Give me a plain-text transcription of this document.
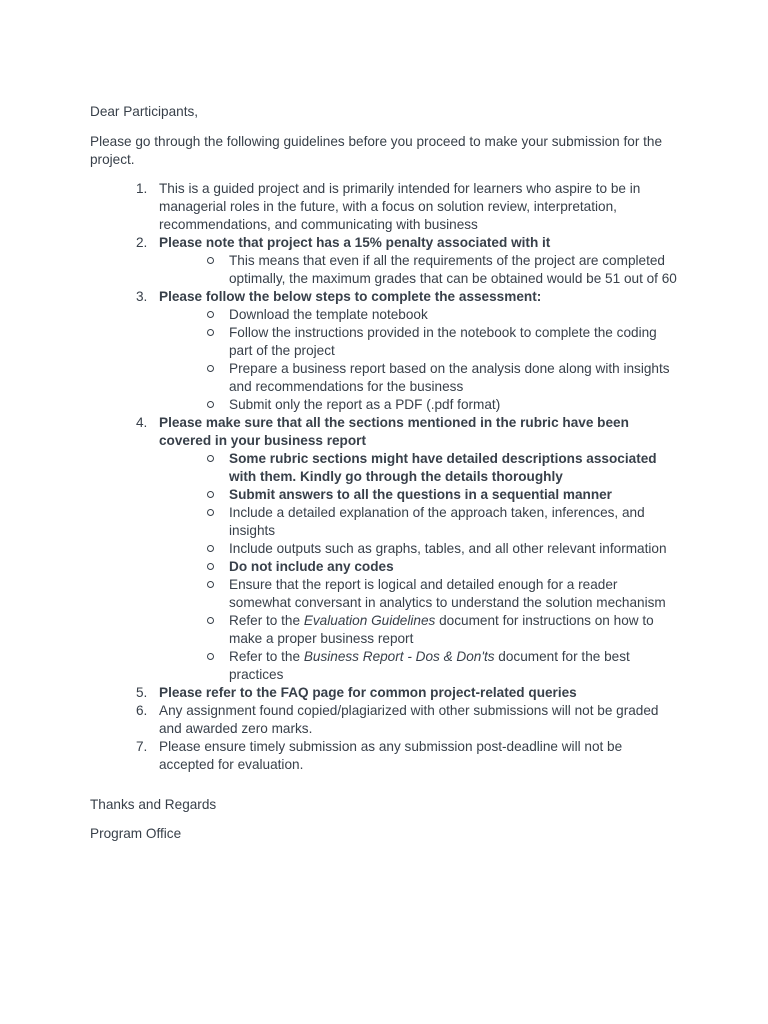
Dear Participants,

Please go through the following guidelines before you proceed to make your submission for the project.

1. This is a guided project and is primarily intended for learners who aspire to be in managerial roles in the future, with a focus on solution review, interpretation, recommendations, and communicating with business
2. Please note that project has a 15% penalty associated with it
This means that even if all the requirements of the project are completed optimally, the maximum grades that can be obtained would be 51 out of 60
3. Please follow the below steps to complete the assessment:
Download the template notebook
Follow the instructions provided in the notebook to complete the coding part of the project
Prepare a business report based on the analysis done along with insights and recommendations for the business
Submit only the report as a PDF (.pdf format)
4. Please make sure that all the sections mentioned in the rubric have been covered in your business report
Some rubric sections might have detailed descriptions associated with them. Kindly go through the details thoroughly
Submit answers to all the questions in a sequential manner
Include a detailed explanation of the approach taken, inferences, and insights
Include outputs such as graphs, tables, and all other relevant information
Do not include any codes
Ensure that the report is logical and detailed enough for a reader somewhat conversant in analytics to understand the solution mechanism
Refer to the Evaluation Guidelines document for instructions on how to make a proper business report
Refer to the Business Report - Dos & Don'ts document for the best practices
5. Please refer to the FAQ page for common project-related queries
6. Any assignment found copied/plagiarized with other submissions will not be graded and awarded zero marks.
7. Please ensure timely submission as any submission post-deadline will not be accepted for evaluation.

Thanks and Regards

Program Office
